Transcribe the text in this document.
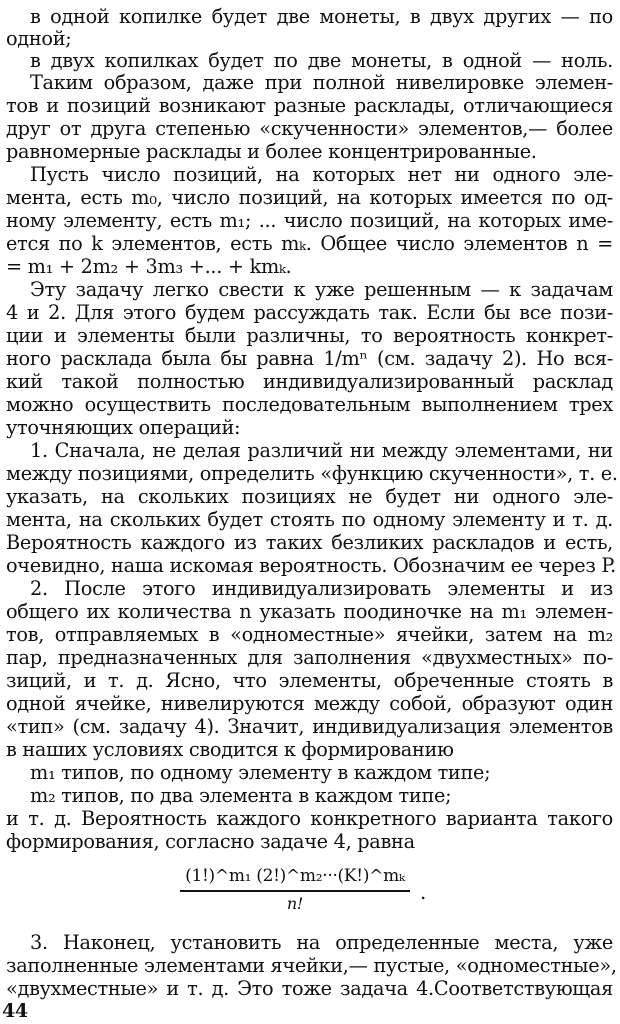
в одной копилке будет две монеты, в двух других — по
одной;
в двух копилках будет по две монеты, в одной — ноль.
Таким образом, даже при полной нивелировке элемен-
тов и позиций возникают разные расклады, отличающиеся
друг от друга степенью «скученности» элементов,— более
равномерные расклады и более концентрированные.
Пусть число позиций, на которых нет ни одного эле-
мента, есть m₀, число позиций, на которых имеется по од-
ному элементу, есть m₁; ... число позиций, на которых име-
ется по k элементов, есть mₖ. Общее число элементов n =
= m₁ + 2m₂ + 3m₃ +... + kmₖ.
Эту задачу легко свести к уже решенным — к задачам
4 и 2. Для этого будем рассуждать так. Если бы все пози-
ции и элементы были различны, то вероятность конкрет-
ного расклада была бы равна 1/mⁿ (см. задачу 2). Но вся-
кий такой полностью индивидуализированный расклад
можно осуществить последовательным выполнением трех
уточняющих операций:
1. Сначала, не делая различий ни между элементами, ни
между позициями, определить «функцию скученности», т. е.
указать, на скольких позициях не будет ни одного эле-
мента, на скольких будет стоять по одному элементу и т. д.
Вероятность каждого из таких безликих раскладов и есть,
очевидно, наша искомая вероятность. Обозначим ее через P.
2. После этого индивидуализировать элементы и из
общего их количества n указать поодиночке на m₁ элемен-
тов, отправляемых в «одноместные» ячейки, затем на m₂
пар, предназначенных для заполнения «двухместных» по-
зиций, и т. д. Ясно, что элементы, обреченные стоять в
одной ячейке, нивелируются между собой, образуют один
«тип» (см. задачу 4). Значит, индивидуализация элементов
в наших условиях сводится к формированию
m₁ типов, по одному элементу в каждом типе;
m₂ типов, по два элемента в каждом типе;
и т. д. Вероятность каждого конкретного варианта такого
формирования, согласно задаче 4, равна
(1!)^m₁ (2!)^m₂···(K!)^mₖ
n!	.
3. Наконец, установить на определенные места, уже
заполненные элементами ячейки,— пустые, «одноместные»,
«двухместные» и т. д. Это тоже задача 4.Соответствующая
44
